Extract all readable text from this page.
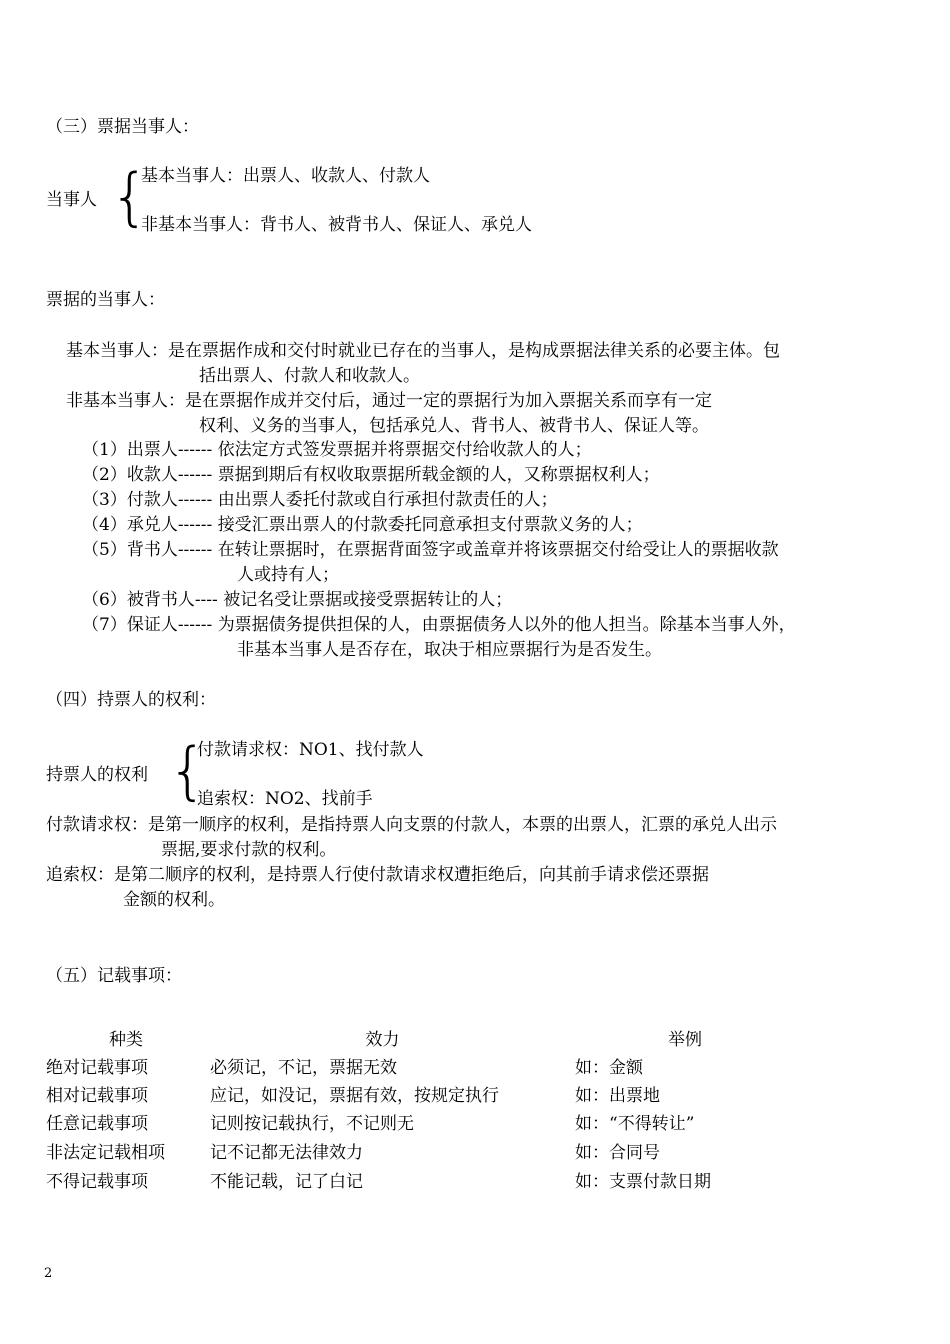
（三）票据当事人：
当事人 {
基本当事人：出票人、收款人、付款人
非基本当事人：背书人、被背书人、保证人、承兑人
票据的当事人：
基本当事人：是在票据作成和交付时就业已存在的当事人，是构成票据法律关系的必要主体。包
括出票人、付款人和收款人。
非基本当事人：是在票据作成并交付后，通过一定的票据行为加入票据关系而享有一定
权利、义务的当事人，包括承兑人、背书人、被背书人、保证人等。
（1）出票人------ 依法定方式签发票据并将票据交付给收款人的人；
（2）收款人------ 票据到期后有权收取票据所载金额的人，又称票据权利人；
（3）付款人------ 由出票人委托付款或自行承担付款责任的人；
（4）承兑人------ 接受汇票出票人的付款委托同意承担支付票款义务的人；
（5）背书人------ 在转让票据时，在票据背面签字或盖章并将该票据交付给受让人的票据收款
人或持有人；
（6）被背书人---- 被记名受让票据或接受票据转让的人；
（7）保证人------ 为票据债务提供担保的人，由票据债务人以外的他人担当。除基本当事人外，
非基本当事人是否存在，取决于相应票据行为是否发生。
（四）持票人的权利：
持票人的权利 {
付款请求权：NO1、找付款人
追索权：NO2、找前手
付款请求权：是第一顺序的权利，是指持票人向支票的付款人，本票的出票人，汇票的承兑人出示
票据,要求付款的权利。
追索权：是第二顺序的权利，是持票人行使付款请求权遭拒绝后，向其前手请求偿还票据
金额的权利。
（五）记载事项：
种类	效力	举例
绝对记载事项	必须记，不记，票据无效	如：金额
相对记载事项	应记，如没记，票据有效，按规定执行	如：出票地
任意记载事项	记则按记载执行，不记则无	如：“不得转让”
非法定记载相项	记不记都无法律效力	如：合同号
不得记载事项	不能记载，记了白记	如：支票付款日期
2
